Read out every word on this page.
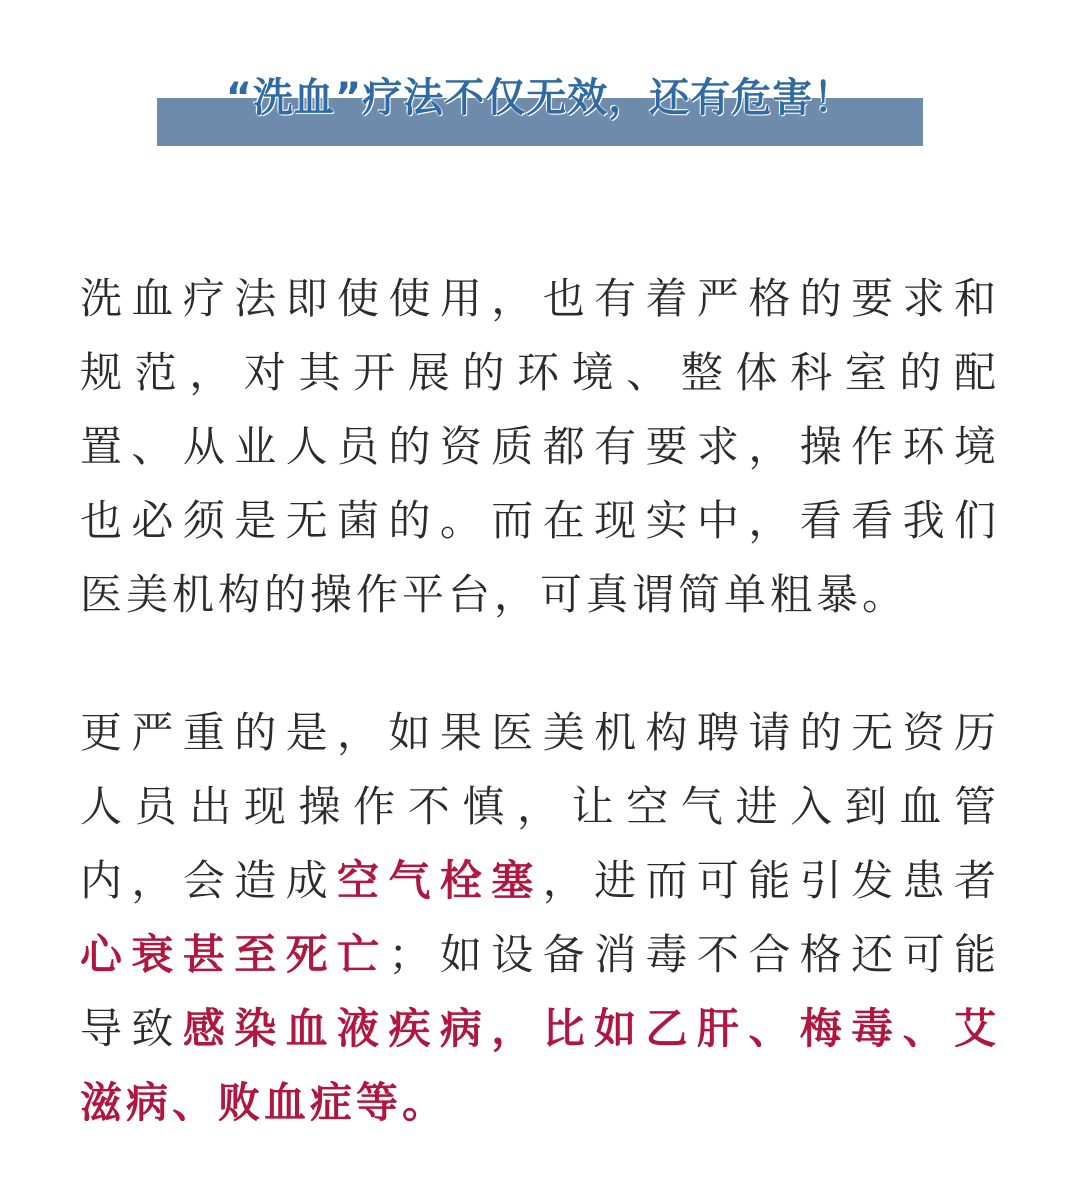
“洗血”疗法不仅无效，还有危害！
洗血疗法即使使用，也有着严格的要求和
规范，对其开展的环境、整体科室的配
置、从业人员的资质都有要求，操作环境
也必须是无菌的。而在现实中，看看我们
医美机构的操作平台，可真谓简单粗暴。
更严重的是，如果医美机构聘请的无资历
人员出现操作不慎，让空气进入到血管
内，会造成空气栓塞，进而可能引发患者
心衰甚至死亡；如设备消毒不合格还可能
导致感染血液疾病，比如乙肝、梅毒、艾
滋病、败血症等。
